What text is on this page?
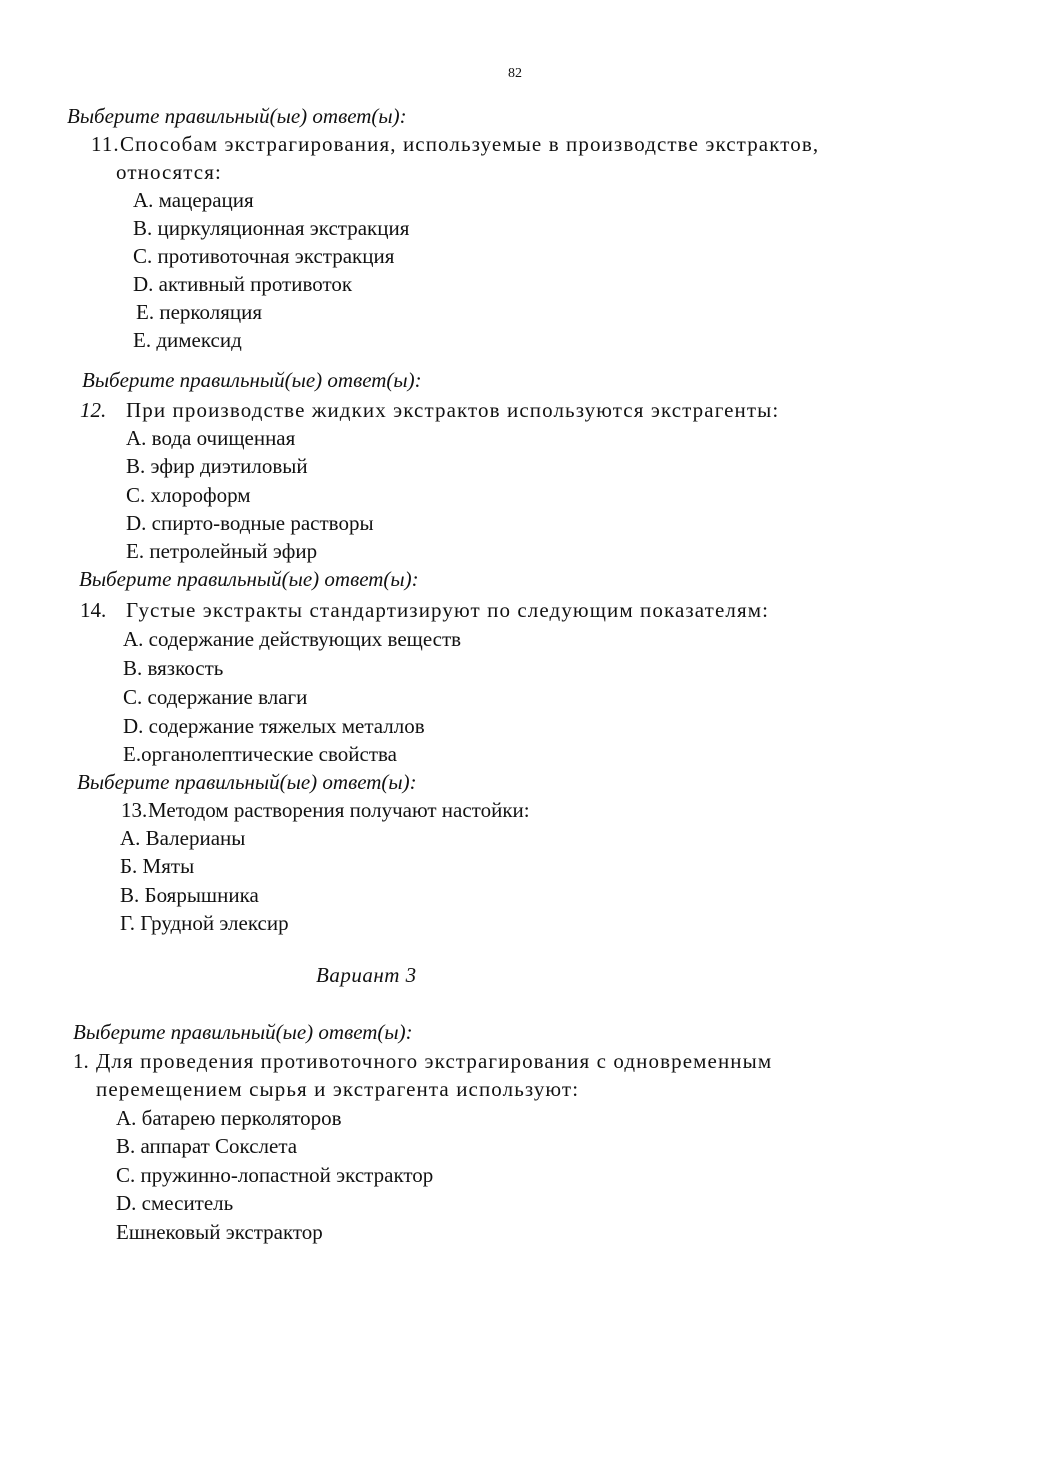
82
Выберите правильный(ые) ответ(ы):
11. Способам экстрагирования, используемые в производстве экстрактов,
относятся:
A. мацерация
B. циркуляционная экстракция
C. противоточная экстракция
D. активный противоток
E. перколяция
E. димексид
Выберите правильный(ые) ответ(ы):
12. При производстве жидких экстрактов используются экстрагенты:
A. вода очищенная
B. эфир диэтиловый
C. хлороформ
D. спирто-водные растворы
E. петролейный эфир
Выберите правильный(ые) ответ(ы):
14. Густые экстракты стандартизируют по следующим показателям:
A. содержание действующих веществ
B. вязкость
C. содержание влаги
D. содержание тяжелых металлов
E.органолептические свойства
Выберите правильный(ые) ответ(ы):
13. Методом растворения получают настойки:
А. Валерианы
Б. Мяты
В. Боярышника
Г. Грудной элексир
Вариант 3
Выберите правильный(ые) ответ(ы):
1. Для проведения противоточного экстрагирования с одновременным
перемещением сырья и экстрагента используют:
A. батарею перколяторов
B. аппарат Сокслета
C. пружинно-лопастной экстрактор
D. смеситель
Eшнековый экстрактор
